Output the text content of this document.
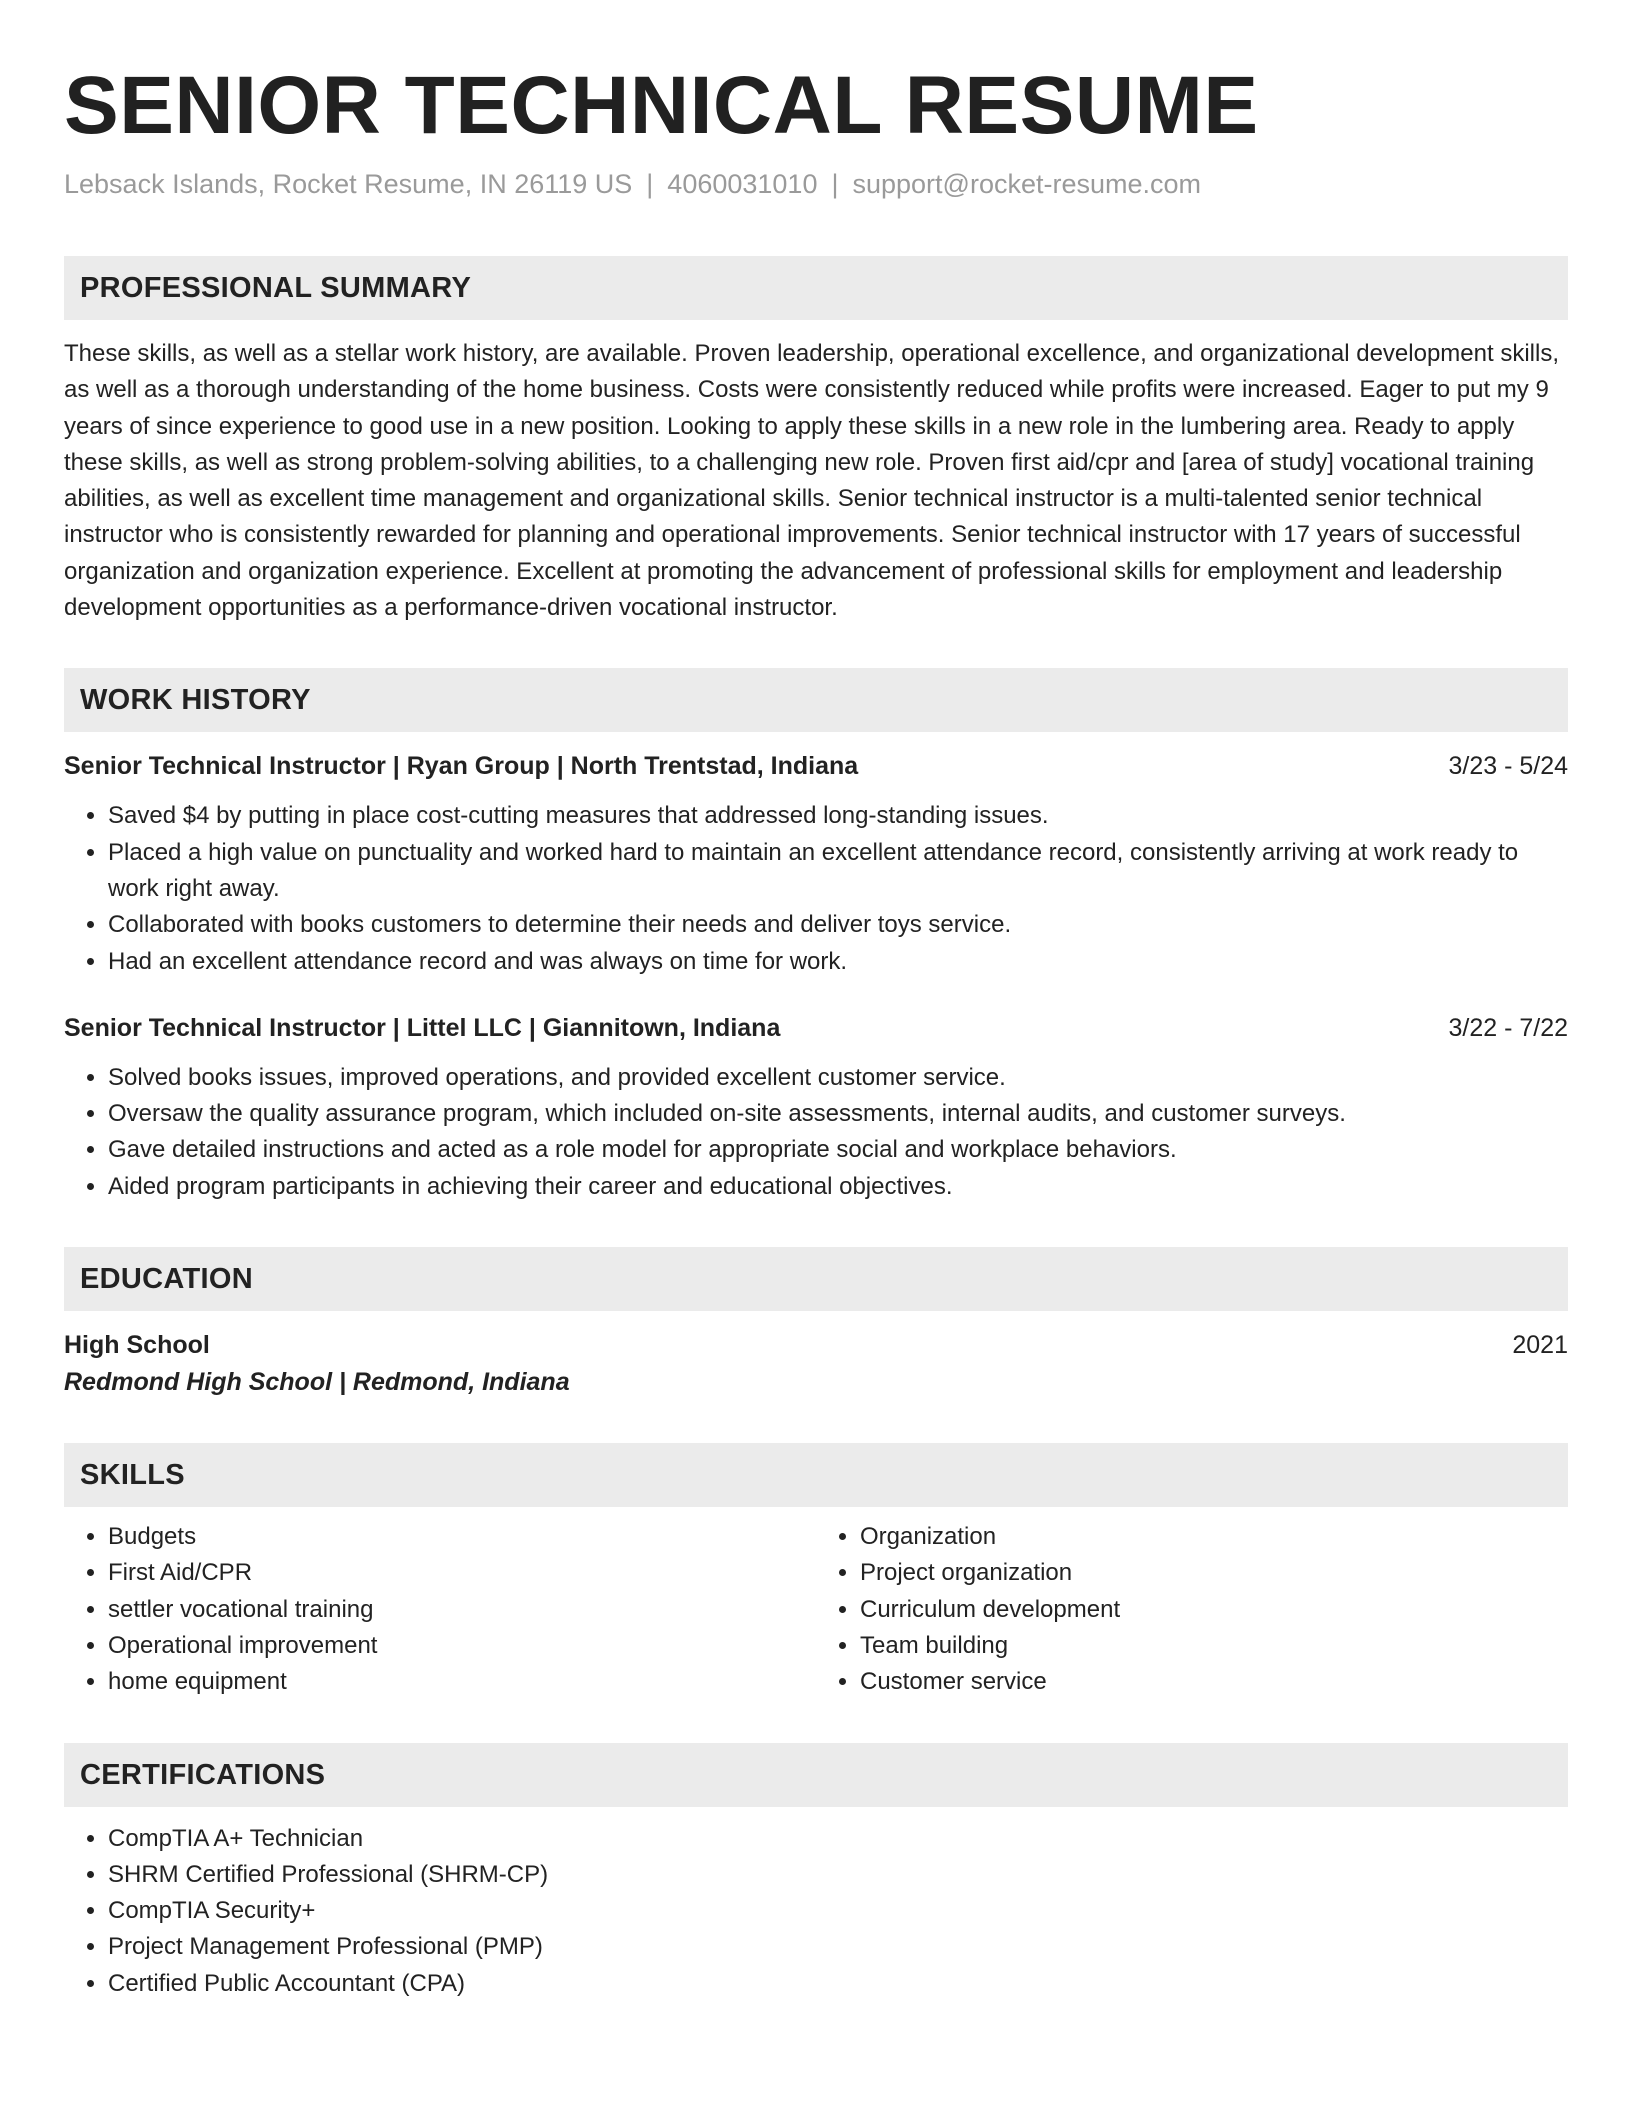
SENIOR TECHNICAL RESUME
Lebsack Islands, Rocket Resume, IN 26119 US | 4060031010 | support@rocket-resume.com
PROFESSIONAL SUMMARY
These skills, as well as a stellar work history, are available. Proven leadership, operational excellence, and organizational development skills, as well as a thorough understanding of the home business. Costs were consistently reduced while profits were increased. Eager to put my 9 years of since experience to good use in a new position. Looking to apply these skills in a new role in the lumbering area. Ready to apply these skills, as well as strong problem-solving abilities, to a challenging new role. Proven first aid/cpr and [area of study] vocational training abilities, as well as excellent time management and organizational skills. Senior technical instructor is a multi-talented senior technical instructor who is consistently rewarded for planning and operational improvements. Senior technical instructor with 17 years of successful organization and organization experience. Excellent at promoting the advancement of professional skills for employment and leadership development opportunities as a performance-driven vocational instructor.
WORK HISTORY
Senior Technical Instructor | Ryan Group | North Trentstad, Indiana	3/23 - 5/24
• Saved $4 by putting in place cost-cutting measures that addressed long-standing issues.
• Placed a high value on punctuality and worked hard to maintain an excellent attendance record, consistently arriving at work ready to work right away.
• Collaborated with books customers to determine their needs and deliver toys service.
• Had an excellent attendance record and was always on time for work.
Senior Technical Instructor | Littel LLC | Giannitown, Indiana	3/22 - 7/22
• Solved books issues, improved operations, and provided excellent customer service.
• Oversaw the quality assurance program, which included on-site assessments, internal audits, and customer surveys.
• Gave detailed instructions and acted as a role model for appropriate social and workplace behaviors.
• Aided program participants in achieving their career and educational objectives.
EDUCATION
High School	2021
Redmond High School | Redmond, Indiana
SKILLS
• Budgets
• First Aid/CPR
• settler vocational training
• Operational improvement
• home equipment
• Organization
• Project organization
• Curriculum development
• Team building
• Customer service
CERTIFICATIONS
• CompTIA A+ Technician
• SHRM Certified Professional (SHRM-CP)
• CompTIA Security+
• Project Management Professional (PMP)
• Certified Public Accountant (CPA)
